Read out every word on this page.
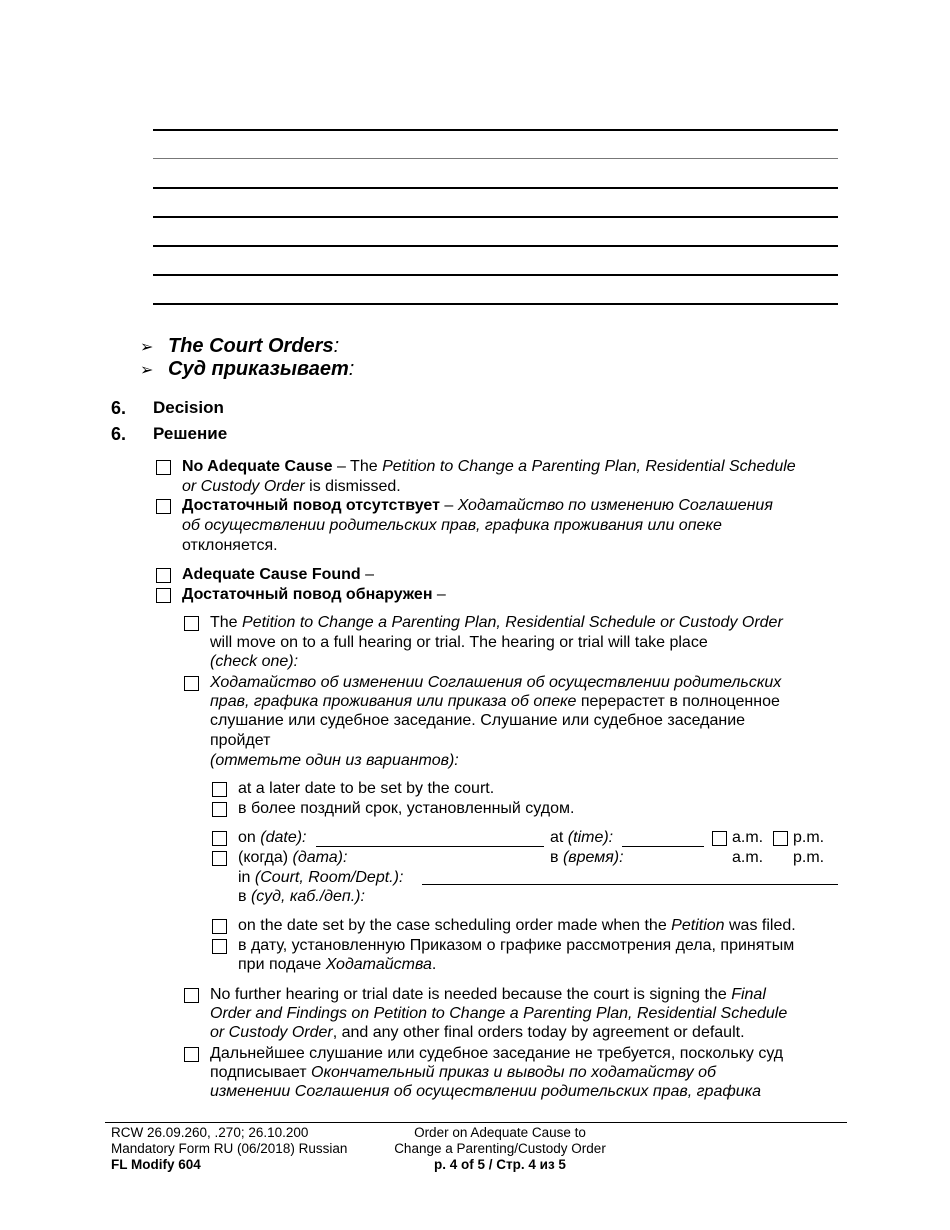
➢ The Court Orders:
➢ Суд приказывает:
6. Decision
6. Решение
No Adequate Cause – The Petition to Change a Parenting Plan, Residential Schedule
or Custody Order is dismissed.
Достаточный повод отсутствует – Ходатайство по изменению Соглашения
об осуществлении родительских прав, графика проживания или опеке
отклоняется.
Adequate Cause Found –
Достаточный повод обнаружен –
The Petition to Change a Parenting Plan, Residential Schedule or Custody Order
will move on to a full hearing or trial. The hearing or trial will take place
(check one):
Ходатайство об изменении Соглашения об осуществлении родительских
прав, графика проживания или приказа об опеке перерастет в полноценное
слушание или судебное заседание. Слушание или судебное заседание
пройдет
(отметьте один из вариантов):
at a later date to be set by the court.
в более поздний срок, установленный судом.
on (date):	at (time):	a.m. p.m.
(когда) (дата):	в (время):	a.m. p.m.
in (Court, Room/Dept.):
в (суд, каб./деп.):
on the date set by the case scheduling order made when the Petition was filed.
в дату, установленную Приказом о графике рассмотрения дела, принятым
при подаче Ходатайства.
No further hearing or trial date is needed because the court is signing the Final
Order and Findings on Petition to Change a Parenting Plan, Residential Schedule
or Custody Order, and any other final orders today by agreement or default.
Дальнейшее слушание или судебное заседание не требуется, поскольку суд
подписывает Окончательный приказ и выводы по ходатайству об
изменении Соглашения об осуществлении родительских прав, графика
RCW 26.09.260, .270; 26.10.200
Mandatory Form RU (06/2018) Russian
FL Modify 604
Order on Adequate Cause to
Change a Parenting/Custody Order
p. 4 of 5 / Стр. 4 из 5
